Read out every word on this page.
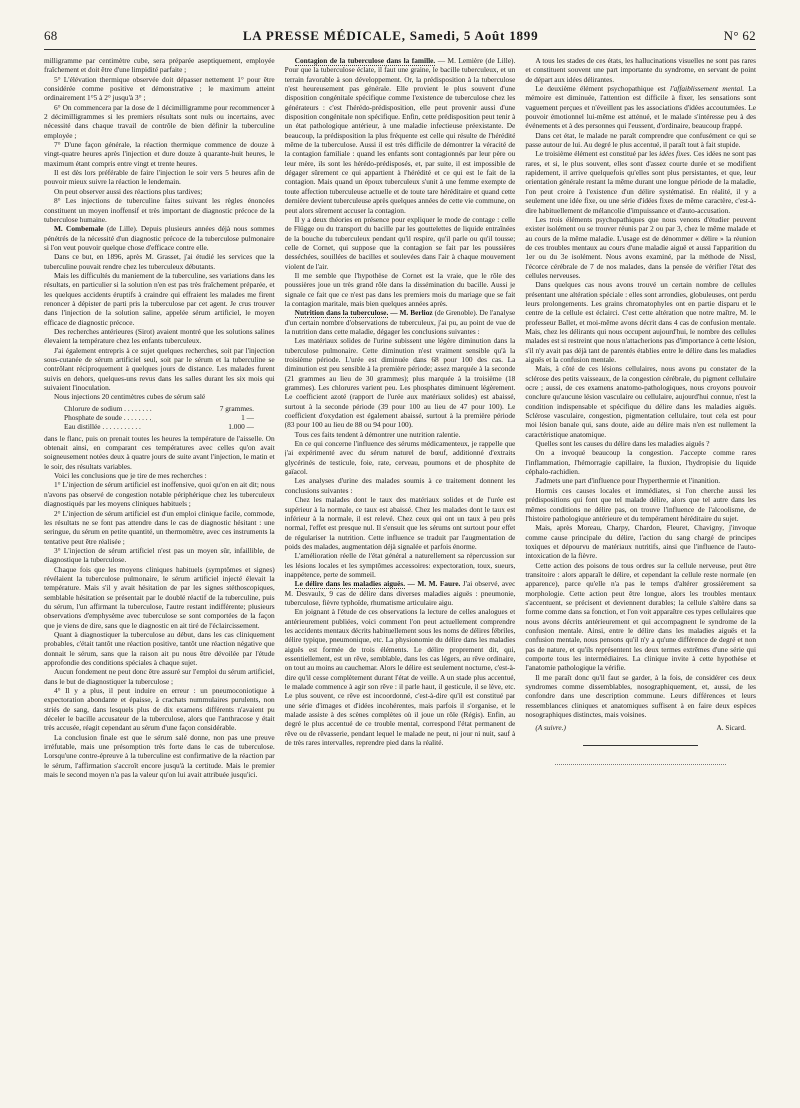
68	LA PRESSE MÉDICALE, Samedi, 5 Août 1899	N° 62

milligramme par centimètre cube, sera préparée aseptiquement, employée fraîchement et doit être d'une limpidité parfaite ;

5° L'élévation thermique observée doit dépasser nettement 1° pour être considérée comme positive et démonstrative ; le maximum atteint ordinairement 1°5 à 2° jusqu'à 3° ;

6° On commencera par la dose de 1 décimilligramme pour recommencer à 2 décimilligrammes si les premiers résultats sont nuls ou incertains, avec nécessité dans chaque travail de contrôle de bien définir la tuberculine employée ;

7° D'une façon générale, la réaction thermique commence de douze à vingt-quatre heures après l'injection et dure douze à quarante-huit heures, le maximum étant compris entre vingt et trente heures.

Il est dès lors préférable de faire l'injection le soir vers 5 heures afin de pouvoir mieux suivre la réaction le lendemain.

On peut observer aussi des réactions plus tardives;

8° Les injections de tuberculine faites suivant les règles énoncées constituent un moyen inoffensif et très important de diagnostic précoce de la tuberculose humaine.

M. Combemale (de Lille). Depuis plusieurs années déjà nous sommes pénétrés de la nécessité d'un diagnostic précoce de la tuberculose pulmonaire si l'on veut pouvoir quelque chose d'efficace contre elle.

Dans ce but, en 1896, après M. Grasset, j'ai étudié les services que la tuberculine pouvait rendre chez les tuberculeux débutants.

Mais les difficultés du maniement de la tuberculine, ses variations dans les résultats, en particulier si la solution n'en est pas très fraîchement préparée, et les quelques accidents éruptifs à craindre qui effraient les malades me firent renoncer à dépister de parti pris la tuberculose par cet agent. Je crus trouver dans l'injection de la solution saline, appelée sérum artificiel, le moyen efficace de diagnostic précoce.

Des recherches antérieures (Sirot) avaient montré que les solutions salines élevaient la température chez les enfants tuberculeux.

J'ai également entrepris à ce sujet quelques recherches, soit par l'injection sous-cutanée de sérum artificiel seul, soit par le sérum et la tuberculine se contrôlant réciproquement à quelques jours de distance. Les malades furent suivis en dehors, quelques-uns revus dans les salles durant les six mois qui suivaient l'inoculation.

Nous injections 20 centimètres cubes de sérum salé

Chlorure de sodium . . . . . . . .	7 grammes.
Phosphate de soude . . . . . . . .	1 —
Eau distillée . . . . . . . . . . .	1.000 —

dans le flanc, puis on prenait toutes les heures la température de l'aisselle. On obtenait ainsi, en comparant ces températures avec celles qu'on avait soigneusement notées deux à quatre jours de suite avant l'injection, le matin et le soir, des résultats variables.

Voici les conclusions que je tire de mes recherches :

1° L'injection de sérum artificiel est inoffensive, quoi qu'on en ait dit; nous n'avons pas observé de congestion notable périphérique chez les tuberculeux diagnostiqués par les moyens cliniques habituels ;

2° L'injection de sérum artificiel est d'un emploi clinique facile, commode, les résultats ne se font pas attendre dans le cas de diagnostic hésitant : une seringue, du sérum en petite quantité, un thermomètre, avec ces instruments la tentative peut être réalisée ;

3° L'injection de sérum artificiel n'est pas un moyen sûr, infaillible, de diagnostique la tuberculose.

Chaque fois que les moyens cliniques habituels (symptômes et signes) révélaient la tuberculose pulmonaire, le sérum artificiel injecté élevait la température. Mais s'il y avait hésitation de par les signes stéthoscopiques, semblable hésitation se présentait par le doublé réactif de la tuberculine, puis du sérum, l'un affirmant la tuberculose, l'autre restant indifférente; plusieurs observations d'emphysème avec tuberculose se sont comportées de la façon que je viens de dire, sans que le diagnostic en ait tiré de l'éclaircissement.

Quant à diagnostiquer la tuberculose au début, dans les cas cliniquement probables, c'était tantôt une réaction positive, tantôt une réaction négative que donnait le sérum, sans que la raison ait pu nous être dévoilée par l'étude approfondie des conditions spéciales à chaque sujet.

Aucun fondement ne peut donc être assuré sur l'emploi du sérum artificiel, dans le but de diagnostiquer la tuberculose ;

4° Il y a plus, il peut induire en erreur : un pneumoconiotique à expectoration abondante et épaisse, à crachats nummulaires purulents, non striés de sang, dans lesquels plus de dix examens différents n'avaient pu déceler le bacille accusateur de la tuberculose, alors que l'anthracose y était très accusée, réagit cependant au sérum d'une façon considérable.

La conclusion finale est que le sérum salé donne, non pas une preuve irréfutable, mais une présomption très forte dans le cas de tuberculose. Lorsqu'une contre-épreuve à la tuberculine est confirmative de la réaction par le sérum, l'affirmation s'accroît encore jusqu'à la certitude. Mais le premier mais le second moyen n'a pas la valeur qu'on lui avait attribuée jusqu'ici.

Contagion de la tuberculose dans la famille. — M. Lemière (de Lille). Pour que la tuberculose éclate, il faut une graine, le bacille tuberculeux, et un terrain favorable à son développement. Or, la prédisposition à la tuberculose n'est heureusement pas générale. Elle provient le plus souvent d'une disposition congénitale spécifique comme l'existence de tuberculose chez les générateurs : c'est l'hérédo-prédisposition, elle peut provenir aussi d'une disposition congénitale non spécifique. Enfin, cette prédisposition peut tenir à un état pathologique antérieur, à une maladie infectieuse préexistante. De beaucoup, la prédisposition la plus fréquente est celle qui résulte de l'hérédité même de la tuberculose. Aussi il est très difficile de démontrer la véracité de la contagion familiale : quand les enfants sont contagionnés par leur père ou leur mère, ils sont les hérédo-prédisposés, et, par suite, il est impossible de dégager sûrement ce qui appartient à l'hérédité et ce qui est le fait de la contagion. Mais quand un époux tuberculeux s'unit à une femme exempte de toute affection tuberculeuse actuelle et de toute tare héréditaire et quand cette dernière devient tuberculeuse après quelques années de cette vie commune, on peut alors sûrement accuser la contagion.

Il y a deux théories en présence pour expliquer le mode de contage : celle de Flügge ou du transport du bacille par les gouttelettes de liquide entraînées de la bouche du tuberculeux pendant qu'il respire, qu'il parle ou qu'il tousse; celle de Cornet, qui suppose que la contagion se fait par les poussières desséchées, souillées de bacilles et soulevées dans l'air à chaque mouvement violent de l'air.

Il me semble que l'hypothèse de Cornet est la vraie, que le rôle des poussières joue un très grand rôle dans la dissémination du bacille. Aussi je signale ce fait que ce n'est pas dans les premiers mois du mariage que se fait la contagion maritale, mais bien quelques années après.

Nutrition dans la tuberculose. — M. Berlioz (de Grenoble). De l'analyse d'un certain nombre d'observations de tuberculeux, j'ai pu, au point de vue de la nutrition dans cette maladie, dégager les conclusions suivantes :

Les matériaux solides de l'urine subissent une légère diminution dans la tuberculose pulmonaire. Cette diminution n'est vraiment sensible qu'à la troisième période. L'urée est diminuée dans 68 pour 100 des cas. La diminution est peu sensible à la première période; assez marquée à la seconde (21 grammes au lieu de 30 grammes); plus marquée à la troisième (18 grammes). Les chlorures varient peu. Les phosphates diminuent légèrement. Le coefficient azoté (rapport de l'urée aux matériaux solides) est abaissé, surtout à la seconde période (39 pour 100 au lieu de 47 pour 100). Le coefficient d'oxydation est également abaissé, surtout à la première période (83 pour 100 au lieu de 88 ou 94 pour 100).

Tous ces faits tendent à démontrer une nutrition ralentie.

En ce qui concerne l'influence des sérums médicamenteux, je rappelle que j'ai expérimenté avec du sérum naturel de bœuf, additionné d'extraits glycérinés de testicule, foie, rate, cerveau, poumons et de phosphite de gaïacol.

Les analyses d'urine des malades soumis à ce traitement donnent les conclusions suivantes :

Chez les malades dont le taux des matériaux solides et de l'urée est supérieur à la normale, ce taux est abaissé. Chez les malades dont le taux est inférieur à la normale, il est relevé. Chez ceux qui ont un taux à peu près normal, l'effet est presque nul. Il s'ensuit que les sérums ont surtout pour effet de régulariser la nutrition. Cette influence se traduit par l'augmentation de poids des malades, augmentation déjà signalée et parfois énorme.

L'amélioration réelle de l'état général a naturellement sa répercussion sur les lésions locales et les symptômes accessoires: expectoration, toux, sueurs, inappétence, perte de sommeil.

Le délire dans les maladies aiguës. — M. M. Faure. J'ai observé, avec M. Desvaulx, 9 cas de délire dans diverses maladies aiguës : pneumonie, tuberculose, fièvre typhoïde, rhumatisme articulaire aigu.

En joignant à l'étude de ces observations la lecture de celles analogues et antérieurement publiées, voici comment l'on peut actuellement comprendre les accidents mentaux décrits habituellement sous les noms de délires fébriles, délire typique, pneumonique, etc. La physionomie du délire dans les maladies aiguës est formée de trois éléments. Le délire proprement dit, qui, essentiellement, est un rêve, semblable, dans les cas légers, au rêve ordinaire, on tout au moins au cauchemar. Alors le délire est seulement nocturne, c'est-à-dire qu'il cesse complètement durant l'état de veille. A un stade plus accentué, le malade commence à agir son rêve : il parle haut, il gesticule, il se lève, etc. Le plus souvent, ce rêve est incoordonné, c'est-à-dire qu'il est constitué par une série d'images et d'idées incohérentes, mais parfois il s'organise, et le malade assiste à des scènes complètes où il joue un rôle (Régis). Enfin, au degré le plus accentué de ce trouble mental, correspond l'état permanent de rêve ou de rêvasserie, pendant lequel le malade ne peut, ni jour ni nuit, sauf à de très rares intervalles, reprendre pied dans la réalité.

A tous les stades de ces états, les hallucinations visuelles ne sont pas rares et constituent souvent une part importante du syndrome, en servant de point de départ aux idées délirantes.

Le deuxième élément psychopathique est l'affaiblissement mental. La mémoire est diminuée, l'attention est difficile à fixer, les sensations sont vaguement perçues et n'éveillent pas les associations d'idées accoutumées. Le pouvoir émotionnel lui-même est atténué, et le malade s'intéresse peu à des événements et à des personnes qui l'eussent, d'ordinaire, beaucoup frappé.

Dans cet état, le malade ne paraît comprendre que confusément ce qui se passe autour de lui. Au degré le plus accentué, il paraît tout à fait stupide.

Le troisième élément est constitué par les idées fixes. Ces idées ne sont pas rares, et si, le plus souvent, elles sont d'assez courte durée et se modifient rapidement, il arrive quelquefois qu'elles sont plus persistantes, et que, leur orientation générale restant la même durant une longue période de la maladie, l'on peut croire à l'existence d'un délire systématisé. En réalité, il y a seulement une idée fixe, ou une série d'idées fixes de même caractère, c'est-à-dire habituellement de mélancolie d'impuissance et d'auto-accusation.

Les trois éléments psychopathiques que nous venons d'étudier peuvent exister isolément ou se trouver réunis par 2 ou par 3, chez le même malade et au cours de la même maladie. L'usage est de dénommer « délire » la réunion de ces troubles mentaux au cours d'une maladie aiguë et aussi l'apparition du 1er ou du 3e isolément. Nous avons examiné, par la méthode de Nissl, l'écorce cérébrale de 7 de nos malades, dans la pensée de vérifier l'état des cellules nerveuses.

Dans quelques cas nous avons trouvé un certain nombre de cellules présentant une altération spéciale : elles sont arrondies, globuleuses, ont perdu leurs prolongements. Les grains chromatophyles ont en partie disparu et le centre de la cellule est éclairci. C'est cette altération que notre maître, M. le professeur Ballet, et moi-même avons décrit dans 4 cas de confusion mentale. Mais, chez les délirants qui nous occupent aujourd'hui, le nombre des cellules malades est si restreint que nous n'attacherions pas d'importance à cette lésion, s'il n'y avait pas déjà tant de parentés établies entre le délire dans les maladies aiguës et la confusion mentale.

Mais, à côté de ces lésions cellulaires, nous avons pu constater de la sclérose des petits vaisseaux, de la congestion cérébrale, du pigment cellulaire ocre ; aussi, de ces examens anatomo-pathologiques, nous croyons pouvoir conclure qu'aucune lésion vasculaire ou cellulaire, aujourd'hui connue, n'est la condition indispensable et spécifique du délire dans les maladies aiguës. Sclérose vasculaire, congestion, pigmentation cellulaire, tout cela est pour moi lésion banale qui, sans doute, aide au délire mais n'en est nullement la caractéristique anatomique.

Quelles sont les causes du délire dans les maladies aiguës ?

On a invoqué beaucoup la congestion. J'accepte comme rares l'inflammation, l'hémorragie capillaire, la fluxion, l'hydropisie du liquide céphalo-rachidien.

J'admets une part d'influence pour l'hyperthermie et l'inanition.

Hormis ces causes locales et immédiates, si l'on cherche aussi les prédispositions qui font que tel malade délire, alors que tel autre dans les mêmes conditions ne délire pas, on trouve l'influence de l'alcoolisme, de l'histoire pathologique antérieure et du tempérament héréditaire du sujet.

Mais, après Moreau, Charpy, Chardon, Fleuret, Chavigny, j'invoque comme cause principale du délire, l'action du sang chargé de principes toxiques et dépourvu de matériaux nutritifs, ainsi que l'influence de l'auto-intoxication de la fièvre.

Cette action des poisons de tous ordres sur la cellule nerveuse, peut être transitoire : alors apparaît le délire, et cependant la cellule reste normale (en apparence), parce qu'elle n'a pas le temps d'altérer grossièrement sa morphologie. Cette action peut être longue, alors les troubles mentaux s'accentuent, se précisent et deviennent durables; la cellule s'altère dans sa forme comme dans sa fonction, et l'on voit apparaître ces types cellulaires que nous avons décrits antérieurement et qui accompagnent le syndrome de la confusion mentale. Ainsi, entre le délire dans les maladies aiguës et la confusion mentale, nous pensons qu'il n'y a qu'une différence de degré et non pas de nature, et qu'ils représentent les deux termes extrêmes d'une série qui comporte tous les intermédiaires. La clinique invite à cette hypothèse et l'anatomie pathologique la vérifie.

Il me paraît donc qu'il faut se garder, à la fois, de considérer ces deux syndromes comme dissemblables, nosographiquement, et, aussi, de les confondre dans une description commune. Leurs différences et leurs ressemblances cliniques et anatomiques suffisent à en faire deux espèces nosographiques distinctes, mais voisines.

(A suivre.)	A. Sicard.
